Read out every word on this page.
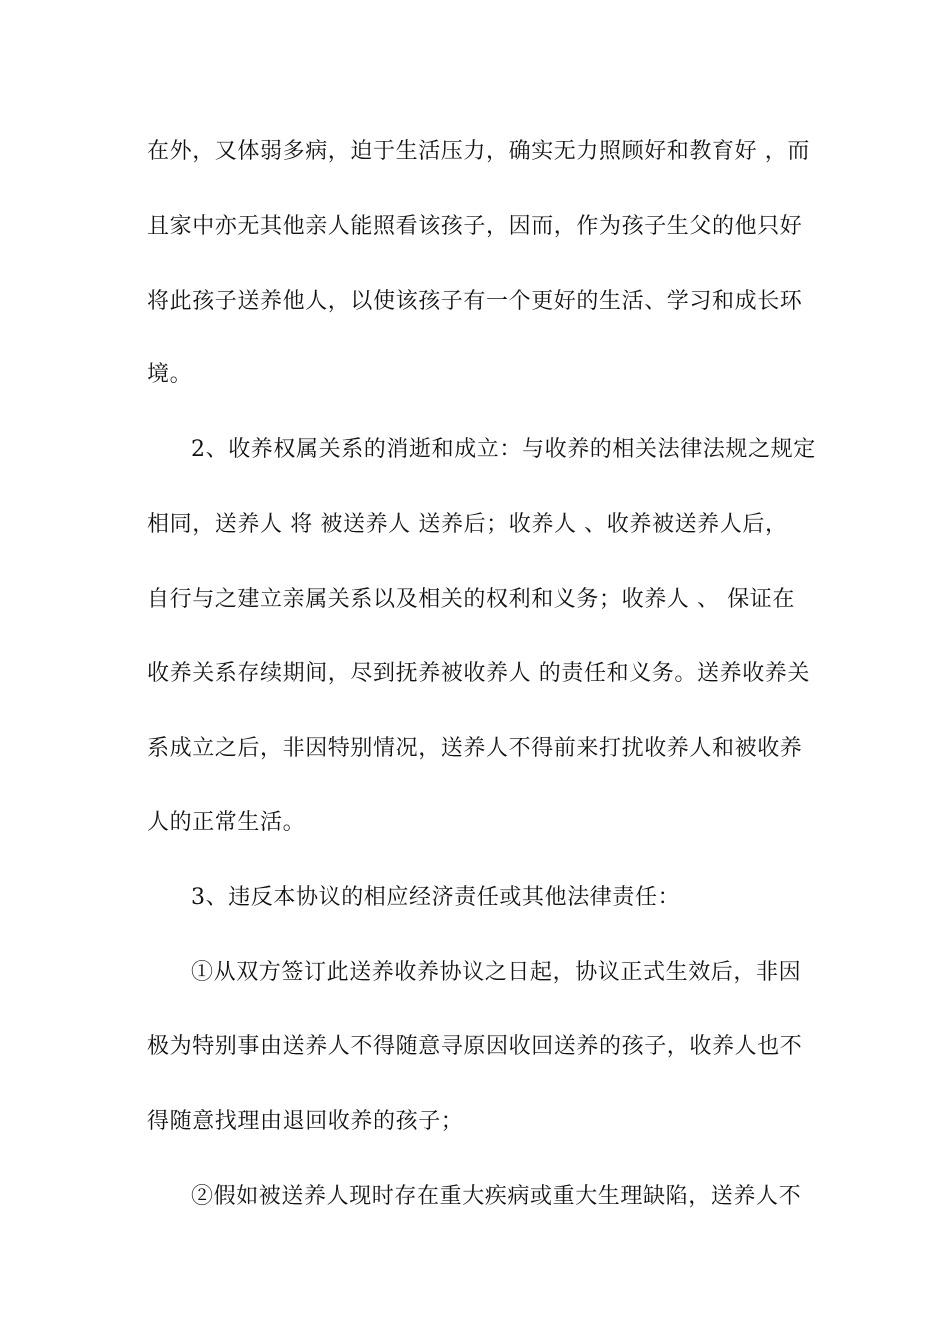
在外，又体弱多病，迫于生活压力，确实无力照顾好和教育好 ，而
且家中亦无其他亲人能照看该孩子，因而，作为孩子生父的他只好
将此孩子送养他人，以使该孩子有一个更好的生活、学习和成长环
境。
2、收养权属关系的消逝和成立：与收养的相关法律法规之规定
相同，送养人 将 被送养人 送养后；收养人 、收养被送养人后，
自行与之建立亲属关系以及相关的权利和义务；收养人 、 保证在
收养关系存续期间，尽到抚养被收养人 的责任和义务。送养收养关
系成立之后，非因特别情况，送养人不得前来打扰收养人和被收养
人的正常生活。
3、违反本协议的相应经济责任或其他法律责任：
①从双方签订此送养收养协议之日起，协议正式生效后，非因
极为特别事由送养人不得随意寻原因收回送养的孩子，收养人也不
得随意找理由退回收养的孩子；
②假如被送养人现时存在重大疾病或重大生理缺陷，送养人不
